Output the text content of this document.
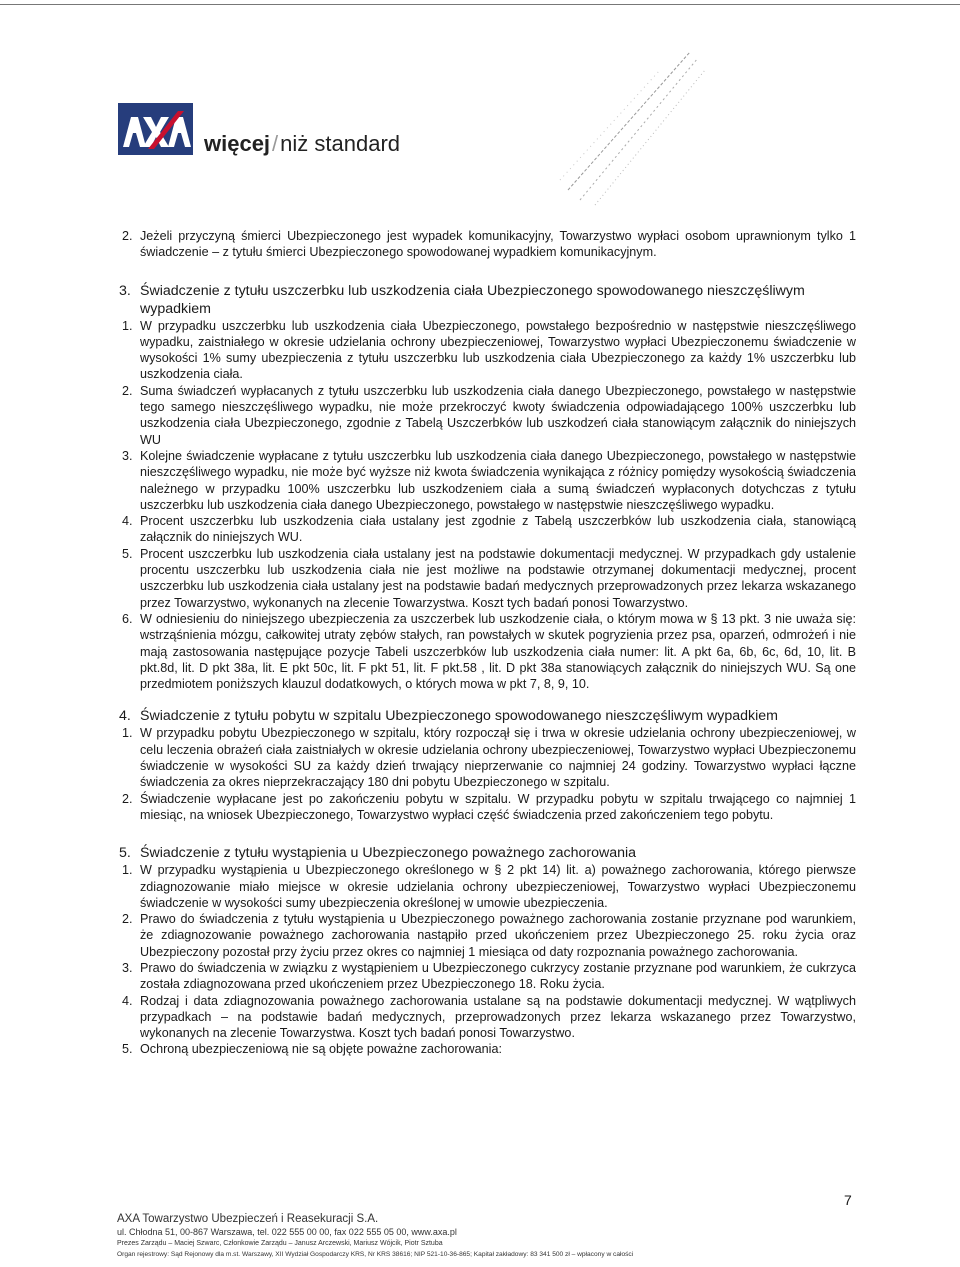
więcej/niż standard
2. Jeżeli przyczyną śmierci Ubezpieczonego jest wypadek komunikacyjny, Towarzystwo wypłaci osobom uprawnionym tylko 1 świadczenie – z tytułu śmierci Ubezpieczonego spowodowanej wypadkiem komunikacyjnym.
3. Świadczenie z tytułu uszczerbku lub uszkodzenia ciała Ubezpieczonego spowodowanego nieszczęśliwym wypadkiem
1. W przypadku uszczerbku lub uszkodzenia ciała Ubezpieczonego, powstałego bezpośrednio w następstwie nieszczęśliwego wypadku, zaistniałego w okresie udzielania ochrony ubezpieczeniowej, Towarzystwo wypłaci Ubezpieczonemu świadczenie w wysokości 1% sumy ubezpieczenia z tytułu uszczerbku lub uszkodzenia ciała Ubezpieczonego za każdy 1% uszczerbku lub uszkodzenia ciała.
2. Suma świadczeń wypłacanych z tytułu uszczerbku lub uszkodzenia ciała danego Ubezpieczonego, powstałego w następstwie tego samego nieszczęśliwego wypadku, nie może przekroczyć kwoty świadczenia odpowiadającego 100% uszczerbku lub uszkodzenia ciała Ubezpieczonego, zgodnie z Tabelą Uszczerbków lub uszkodzeń ciała stanowiącym załącznik do niniejszych WU
3. Kolejne świadczenie wypłacane z tytułu uszczerbku lub uszkodzenia ciała danego Ubezpieczonego, powstałego w następstwie nieszczęśliwego wypadku, nie może być wyższe niż kwota świadczenia wynikająca z różnicy pomiędzy wysokością świadczenia należnego w przypadku 100% uszczerbku lub uszkodzeniem ciała a sumą świadczeń wypłaconych dotychczas z tytułu uszczerbku lub uszkodzenia ciała danego Ubezpieczonego, powstałego w następstwie nieszczęśliwego wypadku.
4. Procent uszczerbku lub uszkodzenia ciała ustalany jest zgodnie z Tabelą uszczerbków lub uszkodzenia ciała, stanowiącą załącznik do niniejszych WU.
5. Procent uszczerbku lub uszkodzenia ciała ustalany jest na podstawie dokumentacji medycznej. W przypadkach gdy ustalenie procentu uszczerbku lub uszkodzenia ciała nie jest możliwe na podstawie otrzymanej dokumentacji medycznej, procent uszczerbku lub uszkodzenia ciała ustalany jest na podstawie badań medycznych przeprowadzonych przez lekarza wskazanego przez Towarzystwo, wykonanych na zlecenie Towarzystwa. Koszt tych badań ponosi Towarzystwo.
6. W odniesieniu do niniejszego ubezpieczenia za uszczerbek lub uszkodzenie ciała, o którym mowa w § 13 pkt. 3 nie uważa się: wstrząśnienia mózgu, całkowitej utraty zębów stałych, ran powstałych w skutek pogryzienia przez psa, oparzeń, odmrożeń i nie mają zastosowania następujące pozycje Tabeli uszczerbków lub uszkodzenia ciała numer: lit. A pkt 6a, 6b, 6c, 6d, 10, lit. B pkt.8d, lit. D pkt 38a, lit. E pkt 50c, lit. F pkt 51, lit. F pkt.58 , lit. D pkt 38a stanowiących załącznik do niniejszych WU. Są one przedmiotem poniższych klauzul dodatkowych, o których mowa w pkt 7, 8, 9, 10.
4. Świadczenie z tytułu pobytu w szpitalu Ubezpieczonego spowodowanego nieszczęśliwym wypadkiem
1. W przypadku pobytu Ubezpieczonego w szpitalu, który rozpoczął się i trwa w okresie udzielania ochrony ubezpieczeniowej, w celu leczenia obrażeń ciała zaistniałych w okresie udzielania ochrony ubezpieczeniowej, Towarzystwo wypłaci Ubezpieczonemu świadczenie w wysokości SU za każdy dzień trwający nieprzerwanie co najmniej 24 godziny. Towarzystwo wypłaci łączne świadczenia za okres nieprzekraczający 180 dni pobytu Ubezpieczonego w szpitalu.
2. Świadczenie wypłacane jest po zakończeniu pobytu w szpitalu. W przypadku pobytu w szpitalu trwającego co najmniej 1 miesiąc, na wniosek Ubezpieczonego, Towarzystwo wypłaci część świadczenia przed zakończeniem tego pobytu.
5. Świadczenie z tytułu wystąpienia u Ubezpieczonego poważnego zachorowania
1. W przypadku wystąpienia u Ubezpieczonego określonego w § 2 pkt 14) lit. a) poważnego zachorowania, którego pierwsze zdiagnozowanie miało miejsce w okresie udzielania ochrony ubezpieczeniowej, Towarzystwo wypłaci Ubezpieczonemu świadczenie w wysokości sumy ubezpieczenia określonej w umowie ubezpieczenia.
2. Prawo do świadczenia z tytułu wystąpienia u Ubezpieczonego poważnego zachorowania zostanie przyznane pod warunkiem, że zdiagnozowanie poważnego zachorowania nastąpiło przed ukończeniem przez Ubezpieczonego 25. roku życia oraz Ubezpieczony pozostał przy życiu przez okres co najmniej 1 miesiąca od daty rozpoznania poważnego zachorowania.
3. Prawo do świadczenia w związku z wystąpieniem u Ubezpieczonego cukrzycy zostanie przyznane pod warunkiem, że cukrzyca została zdiagnozowana przed ukończeniem przez Ubezpieczonego 18. Roku życia.
4. Rodzaj i data zdiagnozowania poważnego zachorowania ustalane są na podstawie dokumentacji medycznej. W wątpliwych przypadkach – na podstawie badań medycznych, przeprowadzonych przez lekarza wskazanego przez Towarzystwo, wykonanych na zlecenie Towarzystwa. Koszt tych badań ponosi Towarzystwo.
5. Ochroną ubezpieczeniową nie są objęte poważne zachorowania:
7
AXA Towarzystwo Ubezpieczeń i Reasekuracji S.A.
ul. Chłodna 51, 00-867 Warszawa, tel. 022 555 00 00, fax 022 555 05 00, www.axa.pl
Prezes Zarządu – Maciej Szwarc, Członkowie Zarządu – Janusz Arczewski, Mariusz Wójcik, Piotr Sztuba
Organ rejestrowy: Sąd Rejonowy dla m.st. Warszawy, XII Wydział Gospodarczy KRS, Nr KRS 38616; NIP 521-10-36-865; Kapitał zakładowy: 83 341 500 zł – wpłacony w całości
